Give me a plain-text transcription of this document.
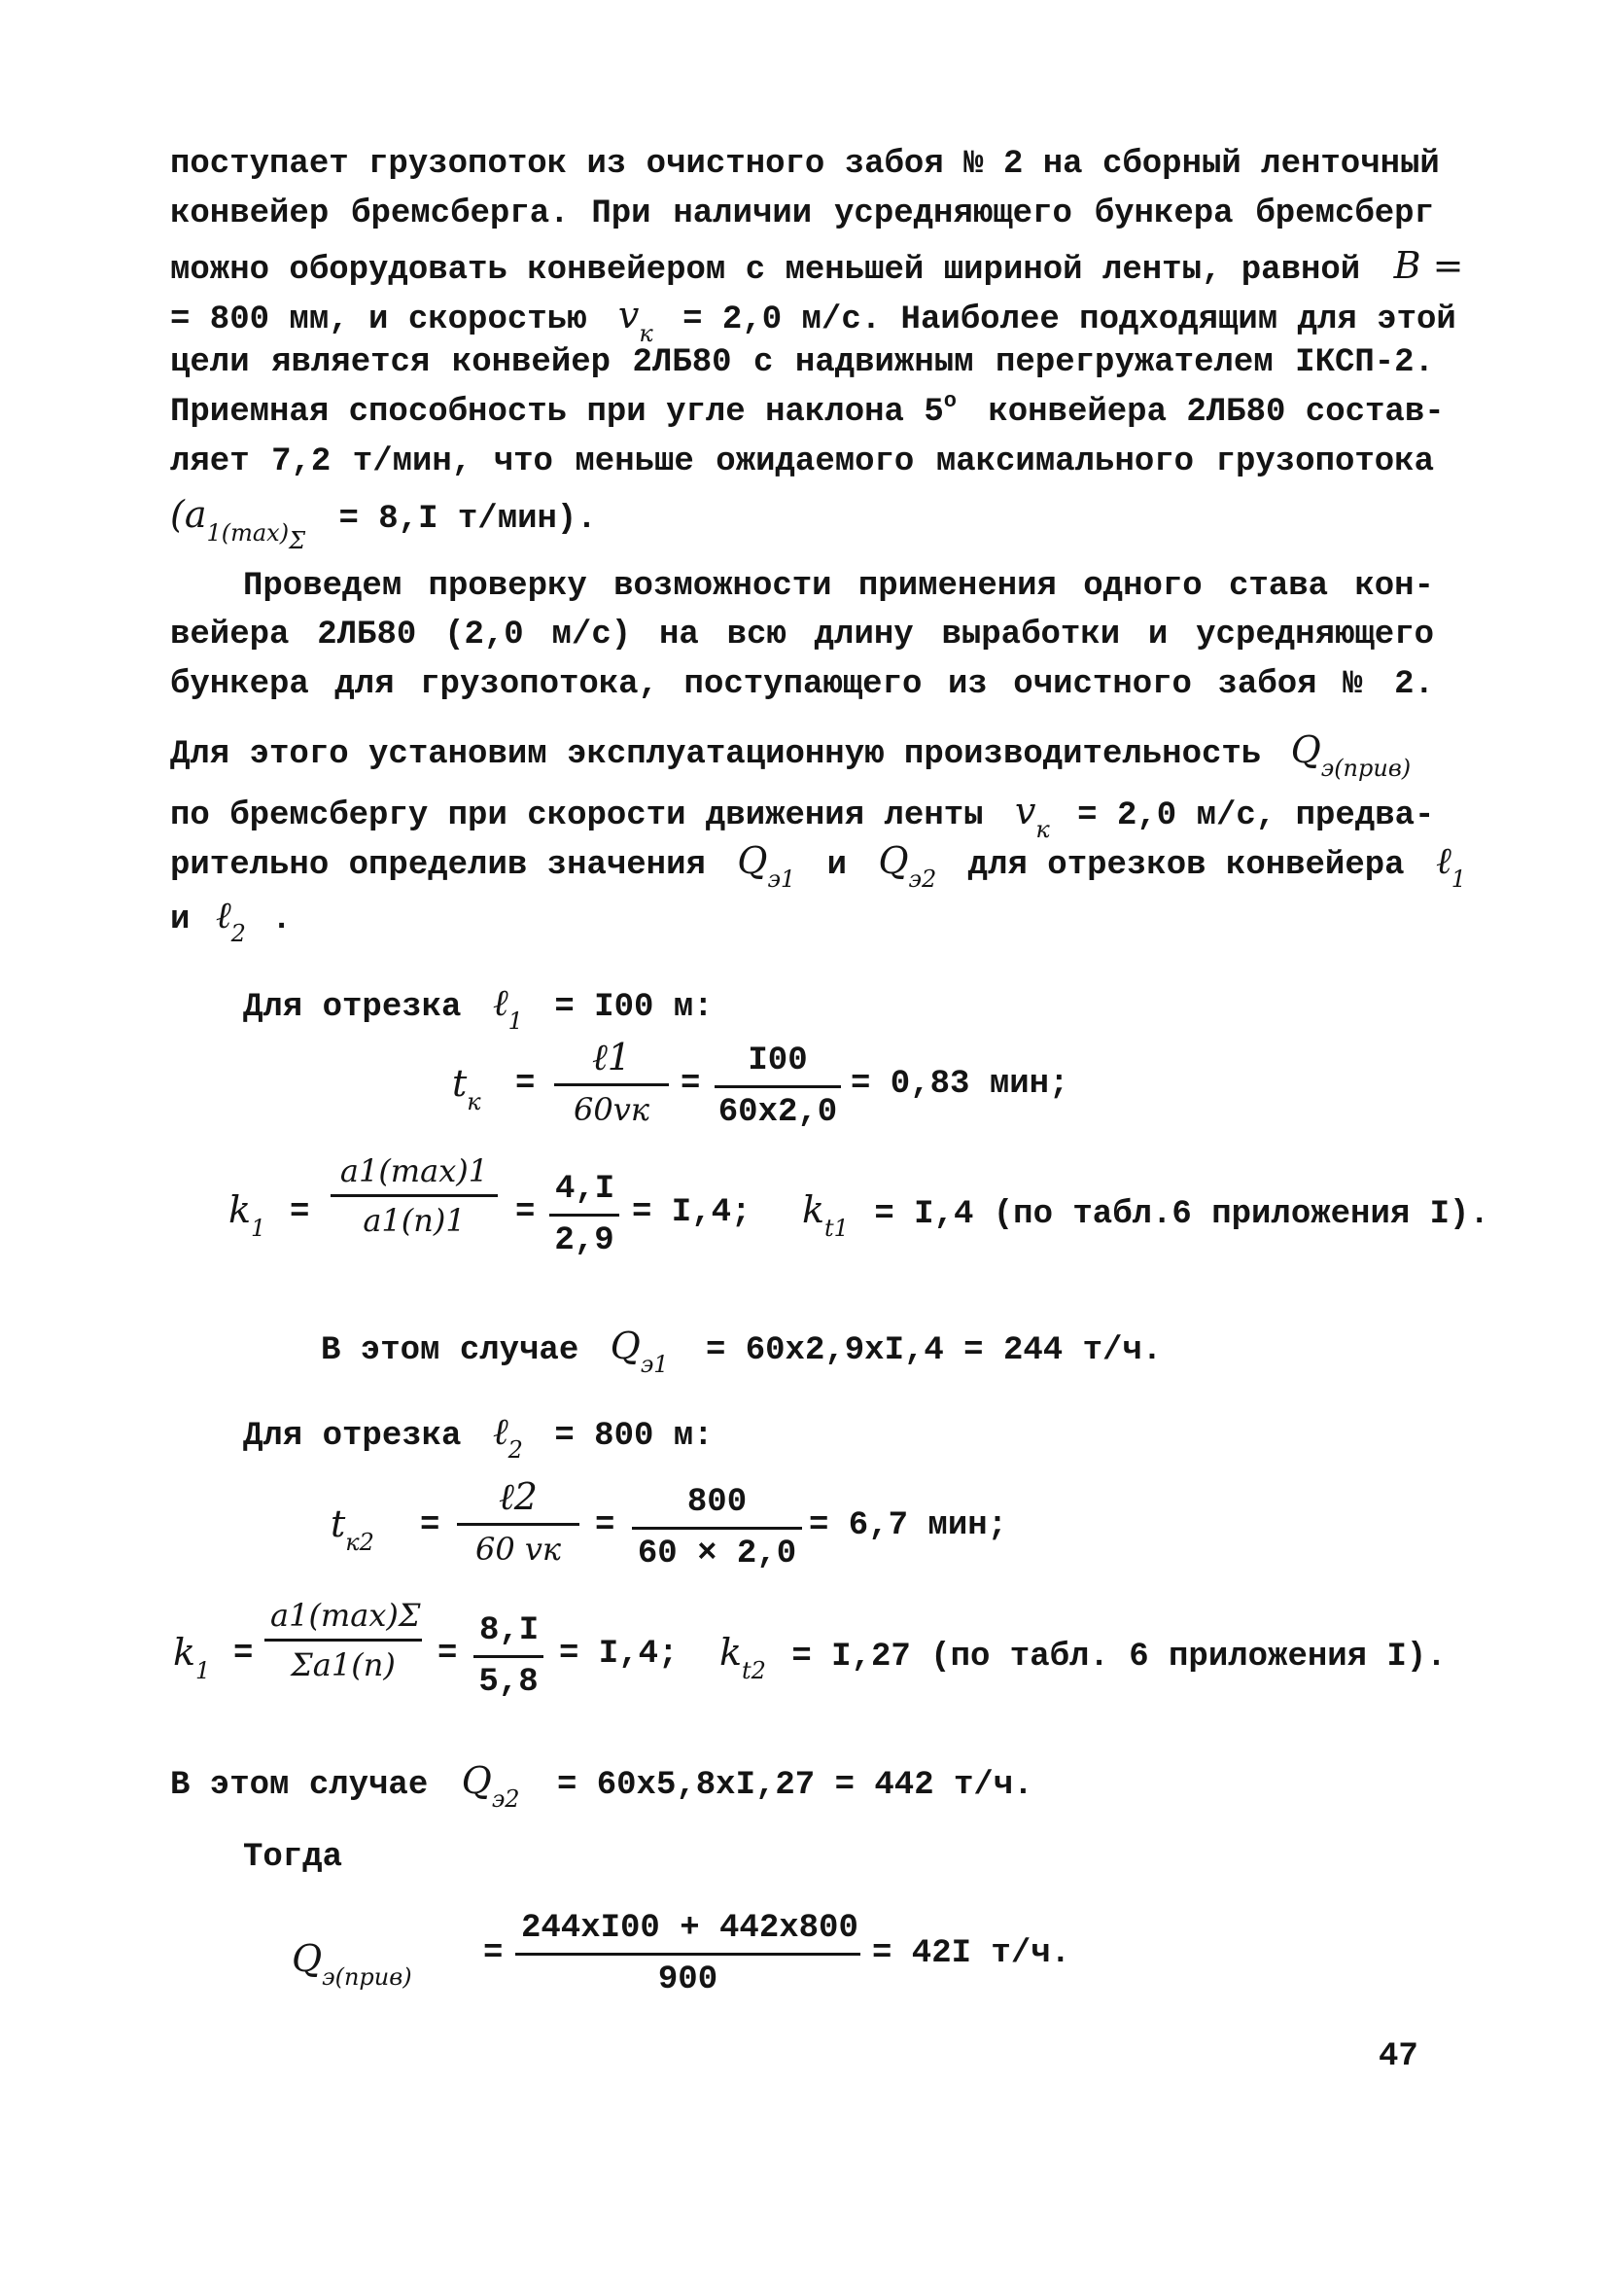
поступает грузопоток из очистного забоя № 2 на сборный ленточный
конвейер бремсберга. При наличии усредняющего бункера бремсберг
можно оборудовать конвейером с меньшей шириной ленты, равной B =
= 800 мм, и скоростью $v_к = 2,0$ м/с. Наиболее подходящим для этой
цели является конвейер 2ЛБ80 с надвижным перегружателем IКСП-2.
Приемная способность при угле наклона $5^о$ конвейера 2ЛБ80 состав-
ляет 7,2 т/мин, что меньше ожидаемого максимального грузопотока
($a_{1(max)\Sigma} = 8,I$ т/мин).
Проведем проверку возможности применения одного става кон-
вейера 2ЛБ80 (2,0 м/с) на всю длину выработки и усредняющего
бункера для грузопотока, поступающего из очистного забоя № 2.
Для этого установим эксплуатационную производительность $Q_{э(прив)}$
по бремсбергу при скорости движения ленты $v_к = 2,0$ м/с, предва-
рительно определив значения $Q_{э1}$ и $Q_{э2}$ для отрезков конвейера ℓ$_1$
и ℓ$_2$ .
Для отрезка ℓ$_1$ = I00 м:
$t_к$ =
ℓ1
60vк
=
I00
60х2,0
= 0,83 мин;
$k_1$ =
a1(max)1
a1(n)1	= $\frac{4,I}{2,9} = I,4$; $k_{t1} = I,4$ (по табл.6 приложения I).
В этом случае $Q_{э1} = 60х2,9хI,4 = 244$ т/ч.
Для отрезка ℓ$_2$ = 800 м:
$t_{к2}$ =
ℓ2
60 vк
= $\frac{800}{60 \times 2,0} = 6,7$ мин;
$k_1$ =
a1(max)Σ
Σa1(n)	= $\frac{8,I}{5,8} = I,4$; $k_{t2} = I,27$ (по табл. 6 приложения I).
В этом случае $Q_{э2} = 60х5,8хI,27 = 442$ т/ч.
Тогда
$Q_{э(прив)}$
=
244хI00 + 442х800
900
= 42I т/ч.
47
